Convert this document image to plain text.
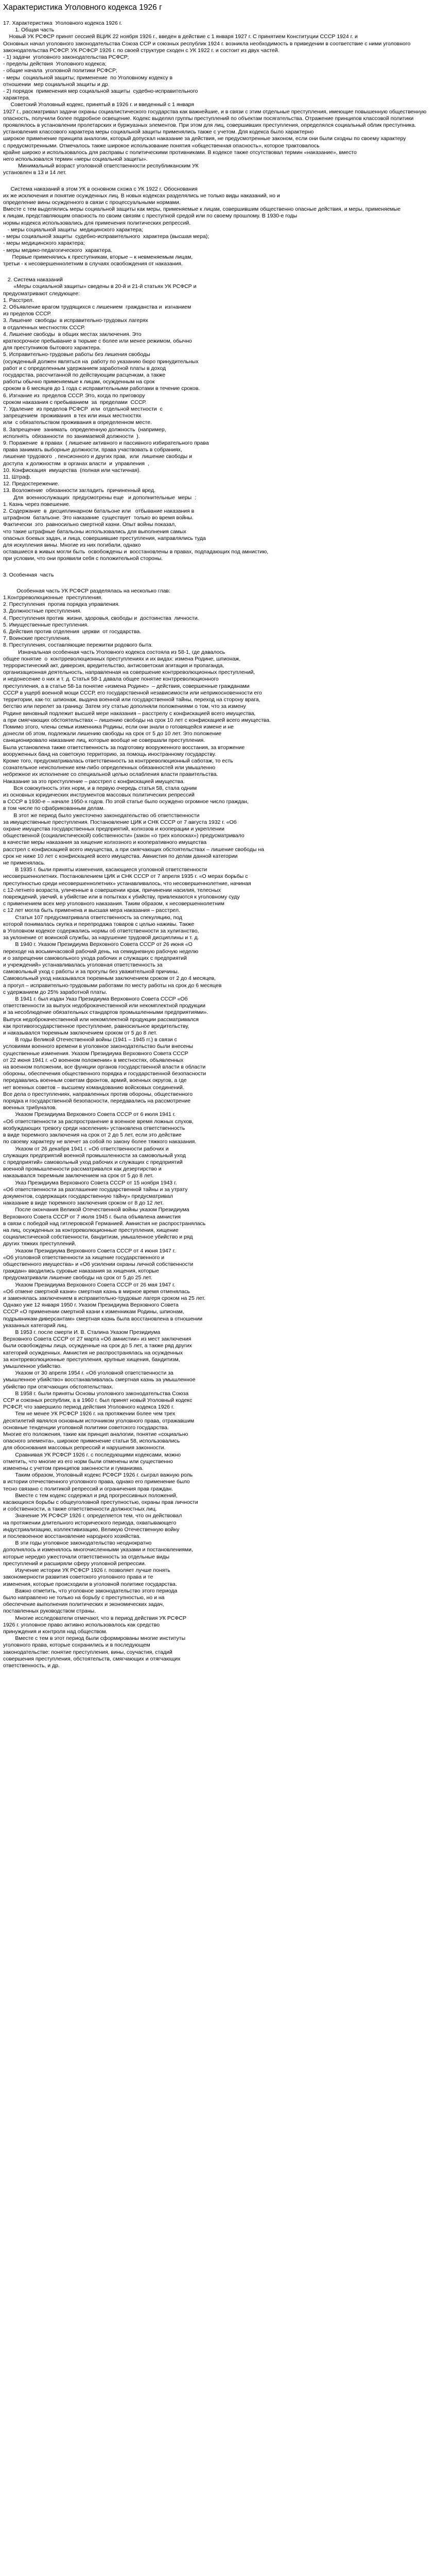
Характеристика Уголовного кодекса 1926 г
17. Характеристика  Уголовного кодекса 1926 г.
1. Общая часть
Новый УК РСФСР принят сессией ВЦИК 22 ноября 1926 г., введен в действие с 1 января 1927 г. С принятием Конституции СССР 1924 г. и
Основных начал уголовного законодательства Союза ССР и союзных республик 1924 г. возникла необходимость в приведении в соответствие с ними уголовного
законодательства РСФСР. УК РСФСР 1926 г. по своей структуре сходен с УК 1922 г. и состоит из двух частей.
- 1) задачи  уголовного законодательства РСФСР;
- пределы действия  Уголовного кодекса;
- общие начала  уголовной политики РСФСР;
- меры  социальной защиты; применение  по Уголовному кодексу в
отношении  мер социальной защиты и др.
- 2) порядок  применения мер социальной защиты  судебно-исправительного
характера.
Советский Уголовный кодекс, принятый в 1926 г. и введенный с 1 января
1927 г., рассматривал задачи охраны социалистического государства как важнейшие, и в связи с этим отдельные преступления, имеющие повышенную общественную
опасность, получили более подробное освещение. Кодекс выделял группы преступлений по объектам посягательства. Отражение принципов классовой политики
проявлялось в установлении пролетарских и буржуазных элементов. При этом для лиц, совершивших преступления, определялся социальный облик преступника.
установления классового характера меры социальной защиты применялись также с учетом. Для кодекса было характерно
широкое применение принципа аналогии, который допускал наказание за действия, не предусмотренные законом, если они были сходны по своему характеру
с предусмотренными. Отмечалось также широкое использование понятия «общественная опасность», которое трактовалось
крайне широко и использовалось для расправы с политическими противниками. В кодексе также отсутствовал термин «наказание», вместо
него использовался термин «меры социальной защиты».
Минимальный возраст уголовной ответственности республиканским УК
установлен в 13 и 14 лет.
Система наказаний в этом УК в основном схожа с УК 1922 г. Обоснования
их же исключения и понятие осужденных лиц. В новых кодексах разделялись не только виды наказаний, но и
определение вины осужденного в связи с процессуальными нормами.
Вместе с тем выделялись меры социальной защиты как меры, применяемые к лицам, совершившим общественно опасные действия, и меры, применяемые
к лицам, представляющим опасность по своим связям с преступной средой или по своему прошлому. В 1930-е годы
нормы кодекса использовались для применения политических репрессий.
- меры социальной защиты  медицинского характера;
- меры социальной защиты  судебно-исправительного  характера (высшая мера);
- меры медицинского характера;
- меры медико-педагогического  характера.
Первые применялись к преступникам, вторые – к невменяемым лицам,
третьи - к несовершеннолетним в случаях освобождения от наказания.
2. Система наказаний
«Меры социальной защиты» сведены в 20-й и 21-й статьях УК РСФСР и
предусматривают следующее:
1. Расстрел.
2. Объявление врагом трудящихся с лишением  гражданства и  изгнанием
из пределов СССР.
3. Лишение  свободы  в исправительно-трудовых лагерях
в отдаленных местностях СССР.
4. Лишение свободы  в общих местах заключения. Это
краткосрочное пребывание в тюрьме с более или менее режимом, обычно
для преступников бытового характера.
5. Исправительно-трудовые работы без лишения свободы
(осужденный должен являться на  работу по указанию бюро принудительных
работ и с определенным удержанием заработной платы в доход
государства, рассчитанной по действующим расценкам, а также
работы обычно применяемые к лицам, осужденным на срок
сроком в 6 месяцев до 1 года с исправительными работами в течение сроков.
6. Изгнание из  пределов СССР. Это, когда по приговору
сроком наказания с пребыванием  за  пределами  СССР.
7. Удаление  из пределов РСФСР  или  отдельной местности  с
запрещением  проживания  в тех или иных местностях
или  с обязательством проживания в определенном месте.
8. Запрещение  занимать  определенную должность  (например,
исполнять  обязанности  по занимаемой должности  ).
9. Поражение  в правах  ( лишение активного и пассивного избирательного права
права занимать выборные должности, права участвовать в собраниях,
лишение трудового  , пенсионного и других прав,  или  лишение свободы и
доступа  к должностям  в органах власти  и  управления  ,
10. Конфискация  имущества  (полная или частичная).
11. Штраф.
12. Предостережение.
13. Возложение  обязанности загладить  причиненный вред.
Для  военнослужащих  предусмотрены еще   и дополнительные  меры  :
1. Казнь через повешение.
2. Содержание  в  дисциплинарном батальоне или   отбывание наказания в
штрафном  батальоне. Это наказание  существует  только во время войны.
Фактически  это  равносильно смертной казни. Опыт войны показал,
что такие штрафные батальоны использовались для выполнения самых
опасных боевых задач, и лица, совершившие преступления, направлялись туда
для искупления вины. Многие из них погибали, однако
оставшиеся в живых могли быть  освобождены и  восстановлены в правах, подпадающих под амнистию,
при условии, что они проявили себя с положительной стороны.
3. Особенная  часть
Особенная часть УК РСФСР разделялась на несколько глав:
1.Контрреволюционные  преступления.
2. Преступления  против порядка управления.
3. Должностные преступления.
4. Преступления против  жизни, здоровья, свободы и  достоинства  личности.
5. Имущественные преступления.
6. Действия против отделения  церкви  от государства.
7. Воинские преступления.
8. Преступления, составляющие пережитки родового быта.
Изначальная особенная часть Уголовного кодекса состояла из 58-1, где давалось
общее понятие  о  контрреволюционных преступлениях и их видах: измена Родине, шпионаж,
террористический акт, диверсия, вредительство, антисоветская агитация и пропаганда,
организационная деятельность, направленная на совершение контрреволюционных преступлений,
и недонесение о них и т. д. Статья 58-1 давала общее понятие контрреволюционного
преступления, а в статье 58-1а понятие «измена Родине»  – действия, совершенные гражданами
СССР в ущерб военной мощи СССР, его государственной независимости или неприкосновенности его
территории, как-то: шпионаж, выдача военной или государственной тайны, переход на сторону врага,
бегство или перелет за границу. Затем эту статью дополняли положениями о том, что за измену
Родине виновный подлежит высшей мере наказания – расстрелу с конфискацией всего имущества,
а при смягчающих обстоятельствах – лишению свободы на срок 10 лет с конфискацией всего имущества.
Помимо этого, члены семьи изменника Родины, если они знали о готовящейся измене и не
донесли об этом, подлежали лишению свободы на срок от 5 до 10 лет. Это положение
санкционировало наказание лиц, которые вообще не совершали преступления.
Была установлена также ответственность за подготовку вооруженного восстания, за вторжение
вооруженных банд на советскую территорию, за помощь иностранному государству.
Кроме того, предусматривалась ответственность за контрреволюционный саботаж, то есть
сознательное неисполнение кем-либо определенных обязанностей или умышленно
небрежное их исполнение со специальной целью ослабления власти правительства.
Наказание за это преступление – расстрел с конфискацией имущества.
Вся совокупность этих норм, и в первую очередь статья 58, стала одним
из основных юридических инструментов массовых политических репрессий
в СССР в 1930-е – начале 1950-х годов. По этой статье было осуждено огромное число граждан,
в том числе по сфабрикованным делам.
В этот же период было ужесточено законодательство об ответственности
за имущественные преступления. Постановление ЦИК и СНК СССР от 7 августа 1932 г. «Об
охране имущества государственных предприятий, колхозов и кооперации и укреплении
общественной (социалистической) собственности» (закон «о трех колосках») предусматривало
в качестве меры наказания за хищение колхозного и кооперативного имущества
расстрел с конфискацией всего имущества, а при смягчающих обстоятельствах – лишение свободы на
срок не ниже 10 лет с конфискацией всего имущества. Амнистия по делам данной категории
не применялась.
В 1935 г. были приняты изменения, касающиеся уголовной ответственности
несовершеннолетних. Постановлением ЦИК и СНК СССР от 7 апреля 1935 г. «О мерах борьбы с
преступностью среди несовершеннолетних» устанавливалось, что несовершеннолетние, начиная
с 12-летнего возраста, уличенные в совершении краж, причинении насилия, телесных
повреждений, увечий, в убийстве или в попытках к убийству, привлекаются к уголовному суду
с применением всех мер уголовного наказания. Таким образом, к несовершеннолетним
с 12 лет могла быть применена и высшая мера наказания – расстрел.
Статья 107 предусматривала ответственность за спекуляцию, под
которой понималась скупка и перепродажа товаров с целью наживы. Также
в Уголовном кодексе содержались нормы об ответственности за хулиганство,
за уклонение от воинской службы, за нарушение трудовой дисциплины и т. д.
В 1940 г. Указом Президиума Верховного Совета СССР от 26 июня «О
переходе на восьмичасовой рабочий день, на семидневную рабочую неделю
и о запрещении самовольного ухода рабочих и служащих с предприятий
и учреждений» устанавливалась уголовная ответственность за
самовольный уход с работы и за прогулы без уважительной причины.
Самовольный уход наказывался тюремным заключением сроком от 2 до 4 месяцев,
а прогул – исправительно-трудовыми работами по месту работы на срок до 6 месяцев
с удержанием до 25% заработной платы.
В 1941 г. был издан Указ Президиума Верховного Совета СССР «Об
ответственности за выпуск недоброкачественной или некомплектной продукции
и за несоблюдение обязательных стандартов промышленными предприятиями».
Выпуск недоброкачественной или некомплектной продукции рассматривался
как противогосударственное преступление, равносильное вредительству,
и наказывался тюремным заключением сроком от 5 до 8 лет.
В годы Великой Отечественной войны (1941 – 1945 гг.) в связи с
условиями военного времени в уголовное законодательство были внесены
существенные изменения. Указом Президиума Верховного Совета СССР
от 22 июня 1941 г. «О военном положении» в местностях, объявленных
на военном положении, все функции органов государственной власти в области
обороны, обеспечения общественного порядка и государственной безопасности
передавались военным советам фронтов, армий, военных округов, а где
нет военных советов – высшему командованию войсковых соединений.
Все дела о преступлениях, направленных против обороны, общественного
порядка и государственной безопасности, передавались на рассмотрение
военных трибуналов.
Указом Президиума Верховного Совета СССР от 6 июля 1941 г.
«Об ответственности за распространение в военное время ложных слухов,
возбуждающих тревогу среди населения» установлена ответственность
в виде тюремного заключения на срок от 2 до 5 лет, если это действие
по своему характеру не влечет за собой по закону более тяжкого наказания.
Указом от 26 декабря 1941 г. «Об ответственности рабочих и
служащих предприятий военной промышленности за самовольный уход
с предприятий» самовольный уход рабочих и служащих с предприятий
военной промышленности рассматривался как дезертирство и
наказывался тюремным заключением на срок от 5 до 8 лет.
Указ Президиума Верховного Совета СССР от 15 ноября 1943 г.
«Об ответственности за разглашение государственной тайны и за утрату
документов, содержащих государственную тайну» предусматривал
наказание в виде тюремного заключения сроком от 8 до 12 лет.
После окончания Великой Отечественной войны указом Президиума
Верховного Совета СССР от 7 июля 1945 г. была объявлена амнистия
в связи с победой над гитлеровской Германией. Амнистия не распространялась
на лиц, осужденных за контрреволюционные преступления, хищение
социалистической собственности, бандитизм, умышленное убийство и ряд
других тяжких преступлений.
Указом Президиума Верховного Совета СССР от 4 июня 1947 г.
«Об уголовной ответственности за хищение государственного и
общественного имущества» и «Об усилении охраны личной собственности
граждан» вводились суровые наказания за хищения, которые
предусматривали лишение свободы на срок от 5 до 25 лет.
Указом Президиума Верховного Совета СССР от 26 мая 1947 г.
«Об отмене смертной казни» смертная казнь в мирное время отменялась
и заменялась заключением в исправительно-трудовые лагеря сроком на 25 лет.
Однако уже 12 января 1950 г. Указом Президиума Верховного Совета
СССР «О применении смертной казни к изменникам Родины, шпионам,
подрывникам-диверсантам» смертная казнь была восстановлена в отношении
указанных категорий лиц.
В 1953 г. после смерти И. В. Сталина Указом Президиума
Верховного Совета СССР от 27 марта «Об амнистии» из мест заключения
были освобождены лица, осужденные на срок до 5 лет, а также ряд других
категорий осужденных. Амнистия не распространялась на осужденных
за контрреволюционные преступления, крупные хищения, бандитизм,
умышленное убийство.
Указом от 30 апреля 1954 г. «Об уголовной ответственности за
умышленное убийство» восстанавливалась смертная казнь за умышленное
убийство при отягчающих обстоятельствах.
В 1958 г. были приняты Основы уголовного законодательства Союза
ССР и союзных республик, а в 1960 г. был принят новый Уголовный кодекс
РСФСР, что завершило период действия Уголовного кодекса 1926 г.
Тем не менее УК РСФСР 1926 г. на протяжении более чем трех
десятилетий являлся основным источником уголовного права, отражавшим
основные тенденции уголовной политики советского государства.
Многие его положения, такие как принцип аналогии, понятие «социально
опасного элемента», широкое применение статьи 58, использовались
для обоснования массовых репрессий и нарушения законности.
Сравнивая УК РСФСР 1926 г. с последующими кодексами, можно
отметить, что многие из его норм были отменены или существенно
изменены с учетом принципов законности и гуманизма.
Таким образом, Уголовный кодекс РСФСР 1926 г. сыграл важную роль
в истории отечественного уголовного права, однако его применение было
тесно связано с политикой репрессий и ограничения прав граждан.
Вместе с тем кодекс содержал и ряд прогрессивных положений,
касающихся борьбы с общеуголовной преступностью, охраны прав личности
и собственности, а также ответственности должностных лиц.
Значение УК РСФСР 1926 г. определяется тем, что он действовал
на протяжении длительного исторического периода, охватывающего
индустриализацию, коллективизацию, Великую Отечественную войну
и послевоенное восстановление народного хозяйства.
В эти годы уголовное законодательство неоднократно
дополнялось и изменялось многочисленными указами и постановлениями,
которые нередко ужесточали ответственность за отдельные виды
преступлений и расширяли сферу уголовной репрессии.
Изучение истории УК РСФСР 1926 г. позволяет лучше понять
закономерности развития советского уголовного права и те
изменения, которые происходили в уголовной политике государства.
Важно отметить, что уголовное законодательство этого периода
было направлено не только на борьбу с преступностью, но и на
обеспечение выполнения политических и экономических задач,
поставленных руководством страны.
Многие исследователи отмечают, что в период действия УК РСФСР
1926 г. уголовное право активно использовалось как средство
принуждения и контроля над обществом.
Вместе с тем в этот период были сформированы многие институты
уголовного права, которые сохранились и в последующем
законодательстве: понятие преступления, вины, соучастия, стадий
совершения преступления, обстоятельств, смягчающих и отягчающих
ответственность, и др.
